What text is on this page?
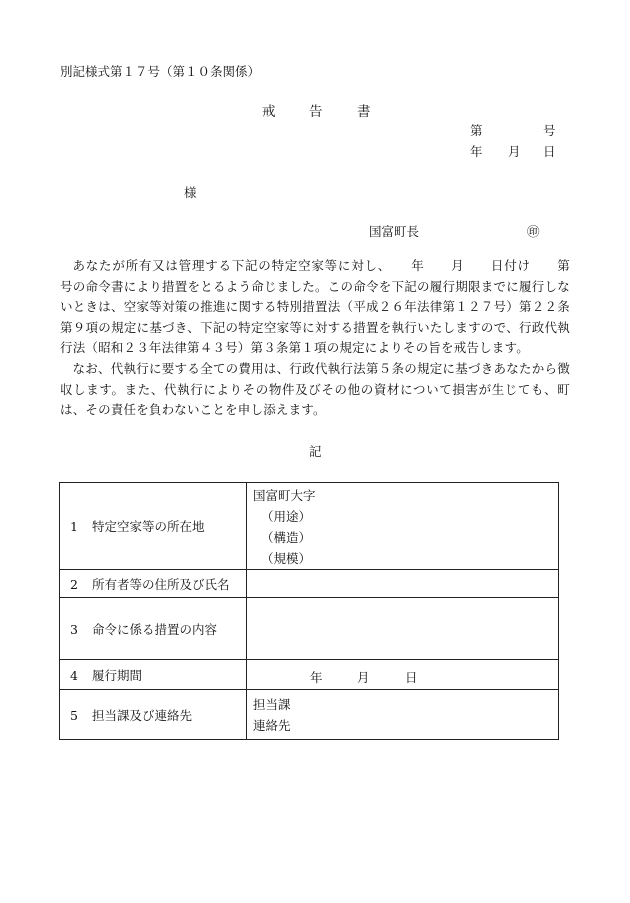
別記様式第１７号（第１０条関係）
戒 告	書
第	号
年 月 日
様
国富町長	㊞

あなたが所有又は管理する下記の特定空家等に対し、　　年　　月　　日付け　　第　　号の命令書により措置をとるよう命じました。この命令を下記の履行期限までに履行しないときは、空家等対策の推進に関する特別措置法（平成２６年法律第１２７号）第２２条第９項の規定に基づき、下記の特定空家等に対する措置を執行いたしますので、行政代執行法（昭和２３年法律第４３号）第３条第１項の規定によりその旨を戒告します。

なお、代執行に要する全ての費用は、行政代執行法第５条の規定に基づきあなたから徴収します。また、代執行によりその物件及びその他の資材について損害が生じても、町は、その責任を負わないことを申し添えます。

記
1 特定空家等の所在地	国富町大字
（用途）
（構造）
（規模）

2 所有者等の住所及び氏名	
3 命令に係る措置の内容	
4 履行期間	年 月 日

5 担当課及び連絡先	担当課
連絡先
